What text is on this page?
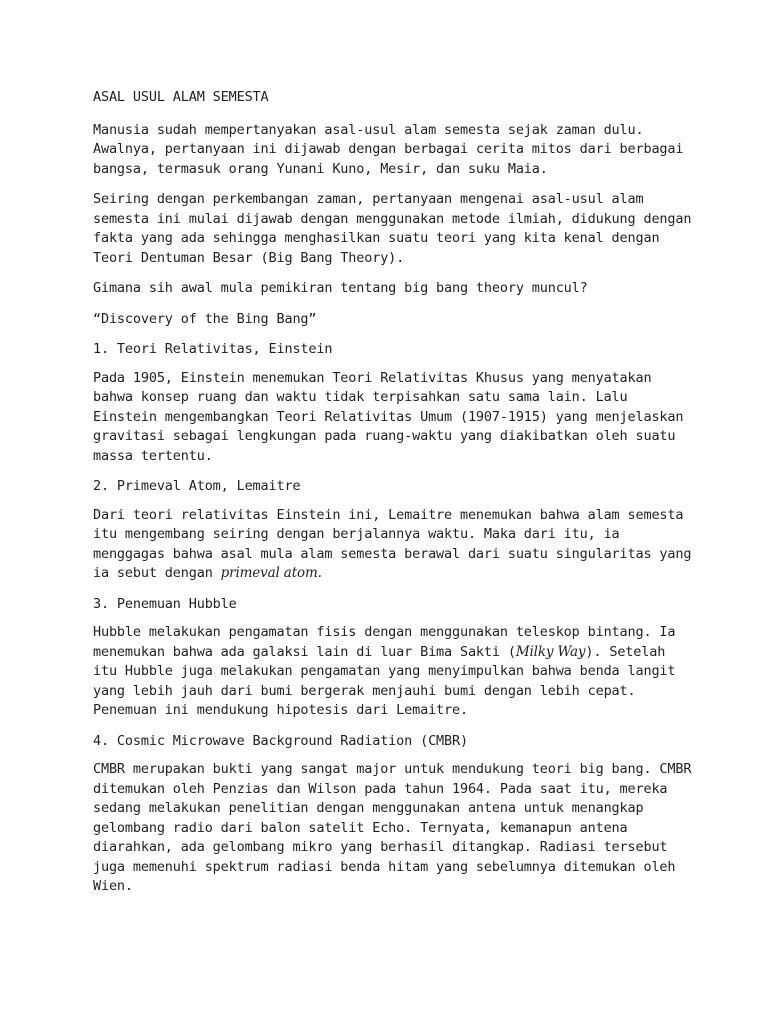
ASAL USUL ALAM SEMESTA

Manusia sudah mempertanyakan asal-usul alam semesta sejak zaman dulu.
Awalnya, pertanyaan ini dijawab dengan berbagai cerita mitos dari berbagai
bangsa, termasuk orang Yunani Kuno, Mesir, dan suku Maia.

Seiring dengan perkembangan zaman, pertanyaan mengenai asal-usul alam
semesta ini mulai dijawab dengan menggunakan metode ilmiah, didukung dengan
fakta yang ada sehingga menghasilkan suatu teori yang kita kenal dengan
Teori Dentuman Besar (Big Bang Theory).

Gimana sih awal mula pemikiran tentang big bang theory muncul?

“Discovery of the Bing Bang”

1. Teori Relativitas, Einstein

Pada 1905, Einstein menemukan Teori Relativitas Khusus yang menyatakan
bahwa konsep ruang dan waktu tidak terpisahkan satu sama lain. Lalu
Einstein mengembangkan Teori Relativitas Umum (1907-1915) yang menjelaskan
gravitasi sebagai lengkungan pada ruang-waktu yang diakibatkan oleh suatu
massa tertentu.

2. Primeval Atom, Lemaitre

Dari teori relativitas Einstein ini, Lemaitre menemukan bahwa alam semesta
itu mengembang seiring dengan berjalannya waktu. Maka dari itu, ia
menggagas bahwa asal mula alam semesta berawal dari suatu singularitas yang
ia sebut dengan primeval atom.

3. Penemuan Hubble

Hubble melakukan pengamatan fisis dengan menggunakan teleskop bintang. Ia
menemukan bahwa ada galaksi lain di luar Bima Sakti (Milky Way). Setelah
itu Hubble juga melakukan pengamatan yang menyimpulkan bahwa benda langit
yang lebih jauh dari bumi bergerak menjauhi bumi dengan lebih cepat.
Penemuan ini mendukung hipotesis dari Lemaitre.

4. Cosmic Microwave Background Radiation (CMBR)

CMBR merupakan bukti yang sangat major untuk mendukung teori big bang. CMBR
ditemukan oleh Penzias dan Wilson pada tahun 1964. Pada saat itu, mereka
sedang melakukan penelitian dengan menggunakan antena untuk menangkap
gelombang radio dari balon satelit Echo. Ternyata, kemanapun antena
diarahkan, ada gelombang mikro yang berhasil ditangkap. Radiasi tersebut
juga memenuhi spektrum radiasi benda hitam yang sebelumnya ditemukan oleh
Wien.
